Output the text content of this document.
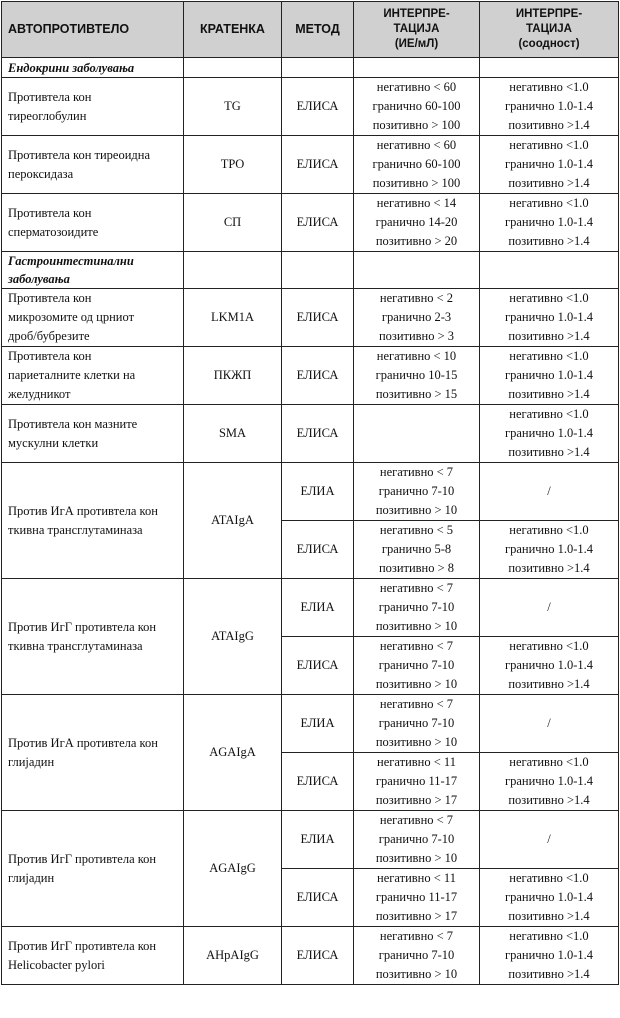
АВТОПРОТИВТЕЛО	КРАТЕНКА	МЕТОД	ИНТЕРПРЕ-
ТАЦИЈА
(ИЕ/мЛ)	ИНТЕРПРЕ-
ТАЦИЈА
(соодност)

Ендокрини заболувања				

Противтела кон
тиреоглобулин	TG	ЕЛИСА	негативно < 60
гранично 60-100
позитивно > 100	негативно <1.0
гранично 1.0-1.4
позитивно >1.4

Противтела кон тиреоидна
пероксидаза	TPO	ЕЛИСА	негативно < 60
гранично 60-100
позитивно > 100	негативно <1.0
гранично 1.0-1.4
позитивно >1.4

Противтела кон
сперматозоидите	СП	ЕЛИСА	негативно < 14
гранично 14-20
позитивно > 20	негативно <1.0
гранично 1.0-1.4
позитивно >1.4

Гастроинтестинални
заболувања				

Противтела кон
микрозомите од црниот
дроб/бубрезите	LKM1A	ЕЛИСА	негативно < 2
гранично 2-3
позитивно > 3	негативно <1.0
гранично 1.0-1.4
позитивно >1.4

Противтела кон
париеталните клетки на
желудникот	ПКЖП	ЕЛИСА	негативно < 10
гранично 10-15
позитивно > 15	негативно <1.0
гранично 1.0-1.4
позитивно >1.4

Противтела кон мазните
мускулни клетки	SMA	ЕЛИСА		негативно <1.0
гранично 1.0-1.4
позитивно >1.4

Против ИгА противтела кон
ткивна трансглутаминаза	ATAIgA	ЕЛИА	негативно < 7
гранично 7-10
позитивно > 10	/

		ЕЛИСА	негативно < 5
гранично 5-8
позитивно > 8	негативно <1.0
гранично 1.0-1.4
позитивно >1.4

Против ИгГ противтела кон
ткивна трансглутаминаза	ATAIgG	ЕЛИА	негативно < 7
гранично 7-10
позитивно > 10	/

		ЕЛИСА	негативно < 7
гранично 7-10
позитивно > 10	негативно <1.0
гранично 1.0-1.4
позитивно >1.4

Против ИгА противтела кон
глијадин	AGAIgA	ЕЛИА	негативно < 7
гранично 7-10
позитивно > 10	/

		ЕЛИСА	негативно < 11
гранично 11-17
позитивно > 17	негативно <1.0
гранично 1.0-1.4
позитивно >1.4

Против ИгГ противтела кон
глијадин	AGAIgG	ЕЛИА	негативно < 7
гранично 7-10
позитивно > 10	/

		ЕЛИСА	негативно < 11
гранично 11-17
позитивно > 17	негативно <1.0
гранично 1.0-1.4
позитивно >1.4

Против ИгГ противтела кон
Helicobacter pylori	AHpAIgG	ЕЛИСА	негативно < 7
гранично 7-10
позитивно > 10	негативно <1.0
гранично 1.0-1.4
позитивно >1.4
